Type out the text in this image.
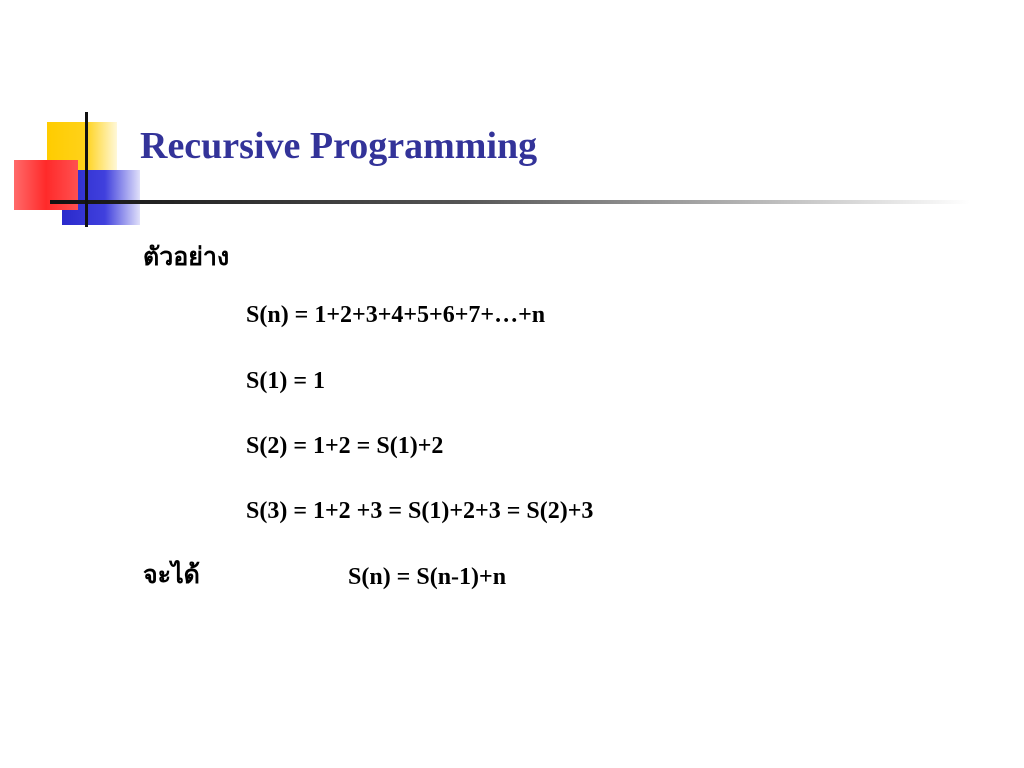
Recursive Programming
ตัวอย่าง
S(n) = 1+2+3+4+5+6+7+…+n
S(1) = 1
S(2) = 1+2 = S(1)+2
S(3) = 1+2 +3 = S(1)+2+3 = S(2)+3
จะได้	S(n) = S(n-1)+n
